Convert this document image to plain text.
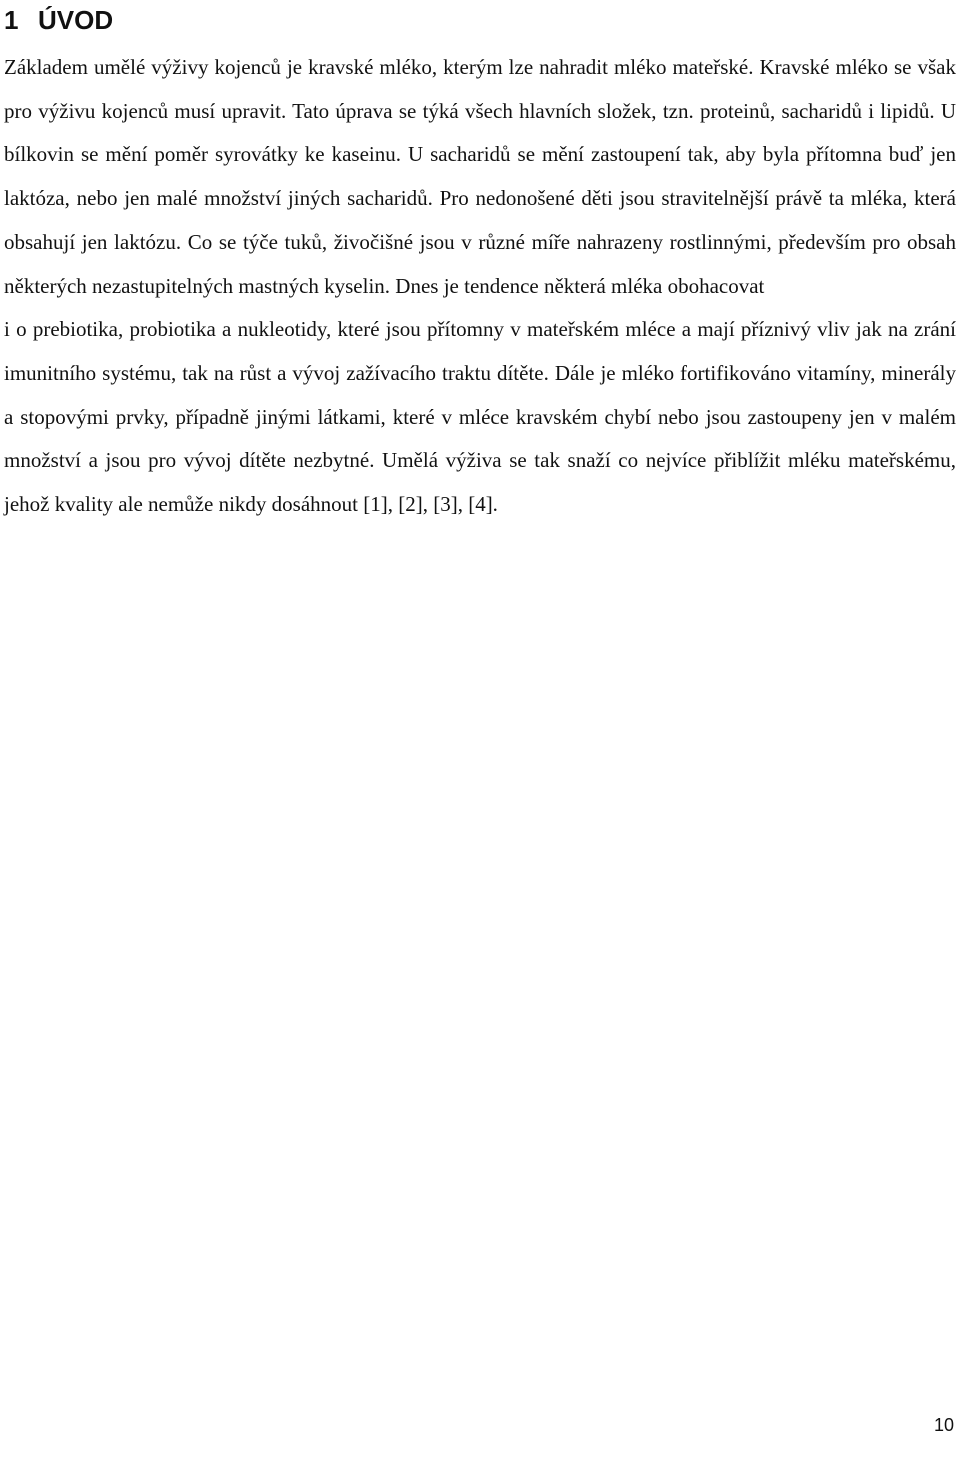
1 ÚVOD

Základem umělé výživy kojenců je kravské mléko, kterým lze nahradit mléko mateřské. Kravské mléko se však pro výživu kojenců musí upravit. Tato úprava se týká všech hlavních složek, tzn. proteinů, sacharidů i lipidů. U bílkovin se mění poměr syrovátky ke kaseinu. U sacharidů se mění zastoupení tak, aby byla přítomna buď jen laktóza, nebo jen malé množství jiných sacharidů. Pro nedonošené děti jsou stravitelnější právě ta mléka, která obsahují jen laktózu. Co se týče tuků, živočišné jsou v různé míře nahrazeny rostlinnými, především pro obsah některých nezastupitelných mastných kyselin. Dnes je tendence některá mléka obohacovat

i o prebiotika, probiotika a nukleotidy, které jsou přítomny v mateřském mléce a mají příznivý vliv jak na zrání imunitního systému, tak na růst a vývoj zažívacího traktu dítěte. Dále je mléko fortifikováno vitamíny, minerály a stopovými prvky, případně jinými látkami, které v mléce kravském chybí nebo jsou zastoupeny jen v malém množství a jsou pro vývoj dítěte nezbytné. Umělá výživa se tak snaží co nejvíce přiblížit mléku mateřskému, jehož kvality ale nemůže nikdy dosáhnout [1], [2], [3], [4].

10
